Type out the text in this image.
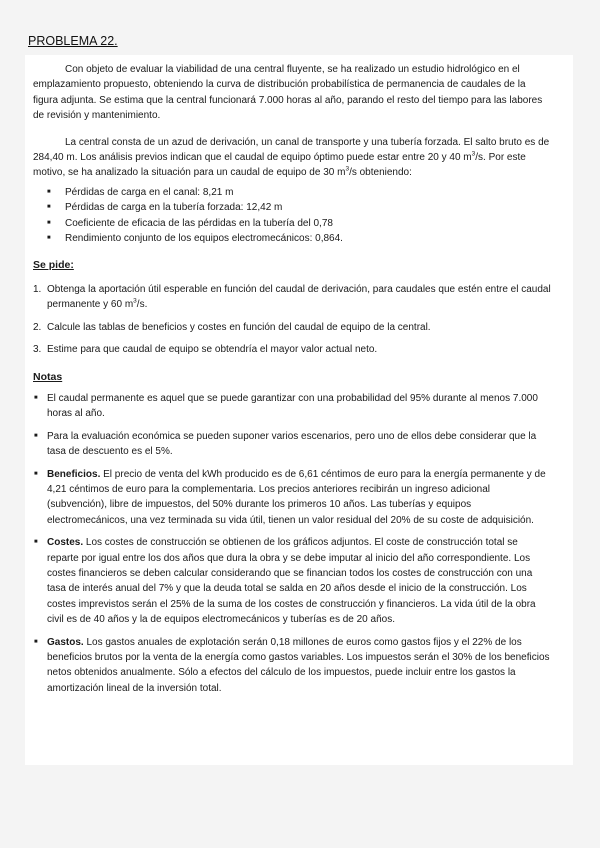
PROBLEMA 22.

Con objeto de evaluar la viabilidad de una central fluyente, se ha realizado un estudio hidrológico en el emplazamiento propuesto, obteniendo la curva de distribución probabilística de permanencia de caudales de la figura adjunta. Se estima que la central funcionará 7.000 horas al año, parando el resto del tiempo para las labores de revisión y mantenimiento.

La central consta de un azud de derivación, un canal de transporte y una tubería forzada. El salto bruto es de 284,40 m. Los análisis previos indican que el caudal de equipo óptimo puede estar entre 20 y 40 $m^3/s$. Por este motivo, se ha analizado la situación para un caudal de equipo de 30 $m^3/s$ obteniendo:

■ Pérdidas de carga en el canal: 8,21 m
■ Pérdidas de carga en la tubería forzada: 12,42 m
■ Coeficiente de eficacia de las pérdidas en la tubería del 0,78
■ Rendimiento conjunto de los equipos electromecánicos: 0,864.

Se pide:

1. Obtenga la aportación útil esperable en función del caudal de derivación, para caudales que estén entre el caudal permanente y 60 $m^3/s$.
2. Calcule las tablas de beneficios y costes en función del caudal de equipo de la central.
3. Estime para que caudal de equipo se obtendría el mayor valor actual neto.

Notas

■ El caudal permanente es aquel que se puede garantizar con una probabilidad del 95% durante al menos 7.000 horas al año.
■ Para la evaluación económica se pueden suponer varios escenarios, pero uno de ellos debe considerar que la tasa de descuento es el 5%.
■ Beneficios. El precio de venta del kWh producido es de 6,61 céntimos de euro para la energía permanente y de 4,21 céntimos de euro para la complementaria. Los precios anteriores recibirán un ingreso adicional (subvención), libre de impuestos, del 50% durante los primeros 10 años. Las tuberías y equipos electromecánicos, una vez terminada su vida útil, tienen un valor residual del 20% de su coste de adquisición.
■ Costes. Los costes de construcción se obtienen de los gráficos adjuntos. El coste de construcción total se reparte por igual entre los dos años que dura la obra y se debe imputar al inicio del año correspondiente. Los costes financieros se deben calcular considerando que se financian todos los costes de construcción con una tasa de interés anual del 7% y que la deuda total se salda en 20 años desde el inicio de la construcción. Los costes imprevistos serán el 25% de la suma de los costes de construcción y financieros. La vida útil de la obra civil es de 40 años y la de equipos electromecánicos y tuberías es de 20 años.
■ Gastos. Los gastos anuales de explotación serán 0,18 millones de euros como gastos fijos y el 22% de los beneficios brutos por la venta de la energía como gastos variables. Los impuestos serán el 30% de los beneficios netos obtenidos anualmente. Sólo a efectos del cálculo de los impuestos, puede incluir entre los gastos la amortización lineal de la inversión total.
